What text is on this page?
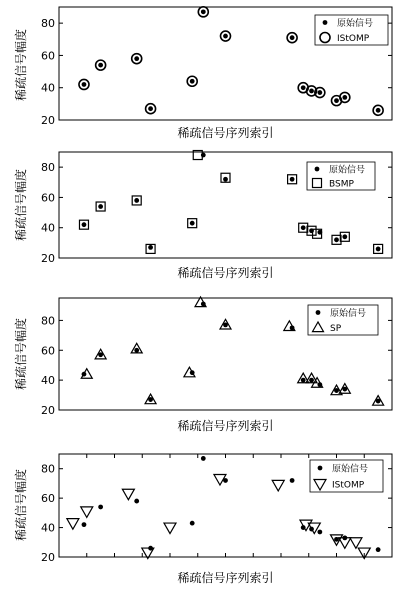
20
40
60
80
稀疏信号序列索引
稀疏信号幅度
原始信号
IStOMP
20
40
60
80
稀疏信号序列索引
稀疏信号幅度	原始信号
BSMP
20
40
60
80
稀疏信号序列索引
稀疏信号幅度
原始信号
SP
20
40
60
80
稀疏信号序列索引
稀疏信号幅度	原始信号
IStOMP
